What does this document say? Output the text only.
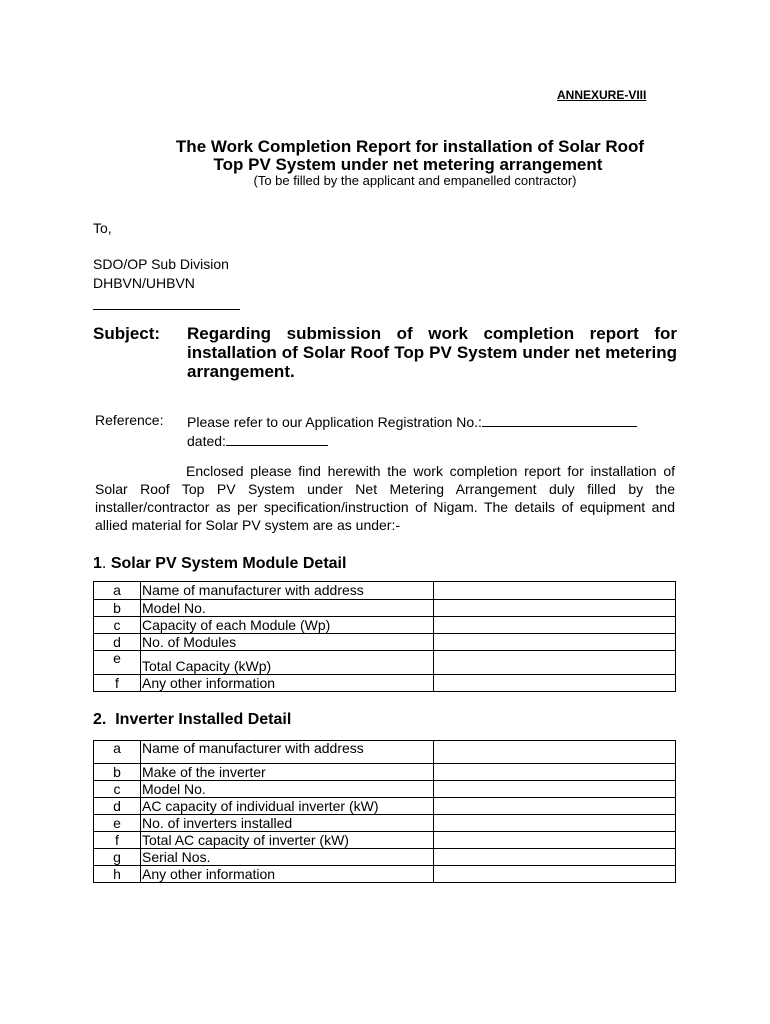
ANNEXURE-VIII
The Work Completion Report for installation of Solar Roof
Top PV System under net metering arrangement
(To be filled by the applicant and empanelled contractor)
To,
SDO/OP Sub Division
DHBVN/UHBVN
Subject: Regarding submission of work completion report for installation of Solar Roof Top PV System under net metering arrangement.
Reference: Please refer to our Application Registration No.:
dated:
Enclosed please find herewith the work completion report for installation of Solar Roof Top PV System under Net Metering Arrangement duly filled by the installer/contractor as per specification/instruction of Nigam. The details of equipment and allied material for Solar PV system are as under:-
1. Solar PV System Module Detail
a	Name of manufacturer with address	
b	Model No.	
c	Capacity of each Module (Wp)	
d	No. of Modules	
e	Total Capacity (kWp)	
f	Any other information	
2.  Inverter Installed Detail
a	Name of manufacturer with address	
b	Make of the inverter	
c	Model No.	
d	AC capacity of individual inverter (kW)	
e	No. of inverters installed	
f	Total AC capacity of inverter (kW)	
g	Serial Nos.	
h	Any other information	
